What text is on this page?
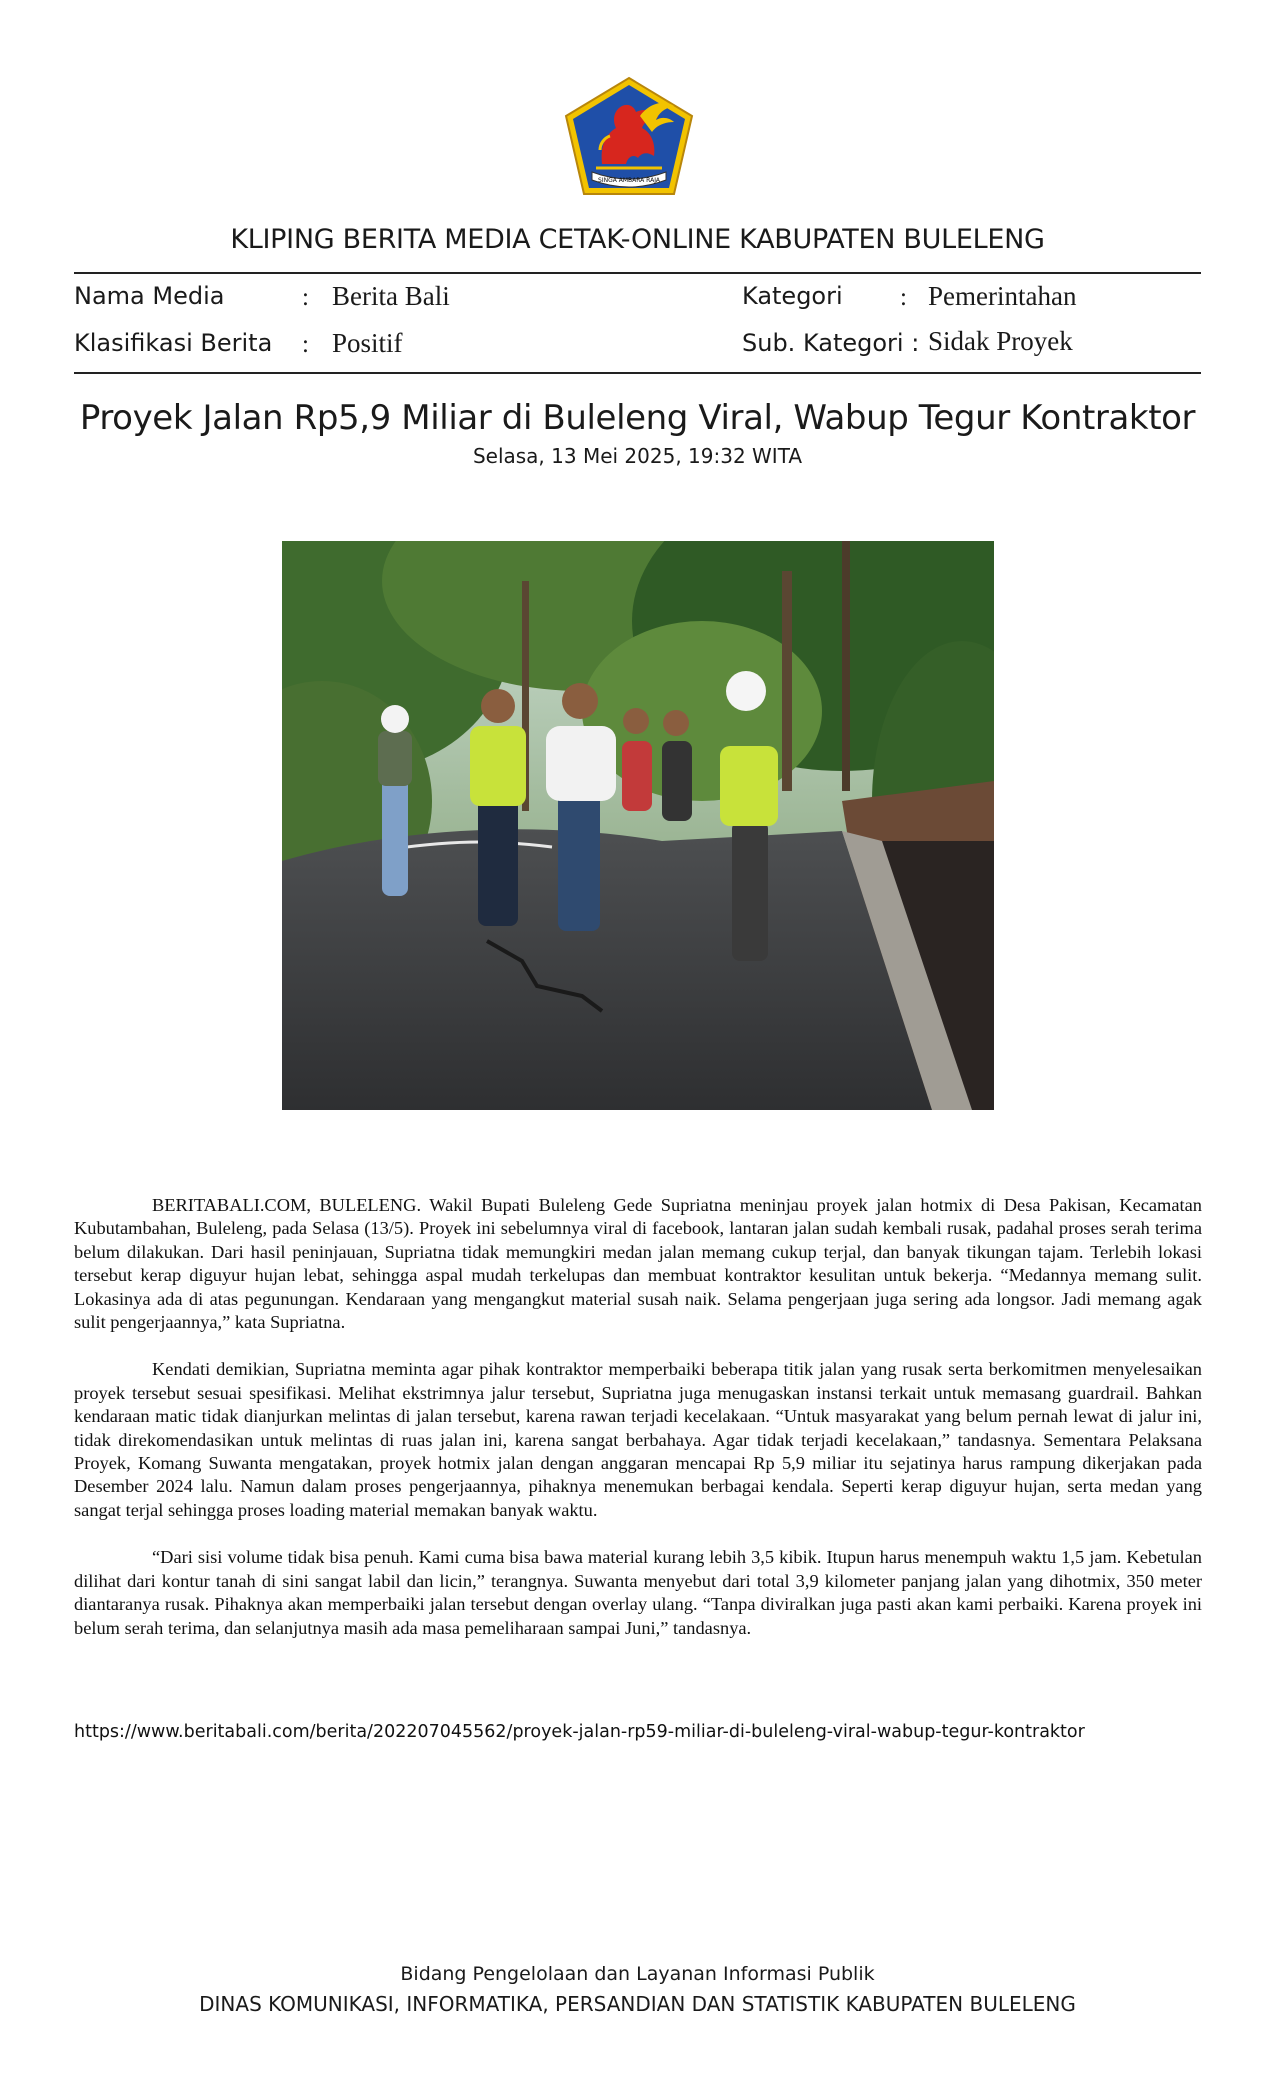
SINGA AMBARA RAJA
KLIPING BERITA MEDIA CETAK-ONLINE KABUPATEN BULELENG
Nama Media	: Berita Bali	Kategori : Pemerintahan
Klasifikasi Berita : Positif	Sub. Kategori : Sidak Proyek
Proyek Jalan Rp5,9 Miliar di Buleleng Viral, Wabup Tegur Kontraktor
Selasa, 13 Mei 2025, 19:32 WITA

BERITABALI.COM, BULELENG. Wakil Bupati Buleleng Gede Supriatna meninjau proyek jalan hotmix di Desa Pakisan, Kecamatan Kubutambahan, Buleleng, pada Selasa (13/5). Proyek ini sebelumnya viral di facebook, lantaran jalan sudah kembali rusak, padahal proses serah terima belum dilakukan. Dari hasil peninjauan, Supriatna tidak memungkiri medan jalan memang cukup terjal, dan banyak tikungan tajam. Terlebih lokasi tersebut kerap diguyur hujan lebat, sehingga aspal mudah terkelupas dan membuat kontraktor kesulitan untuk bekerja. “Medannya memang sulit. Lokasinya ada di atas pegunungan. Kendaraan yang mengangkut material susah naik. Selama pengerjaan juga sering ada longsor. Jadi memang agak sulit pengerjaannya,” kata Supriatna.

Kendati demikian, Supriatna meminta agar pihak kontraktor memperbaiki beberapa titik jalan yang rusak serta berkomitmen menyelesaikan proyek tersebut sesuai spesifikasi. Melihat ekstrimnya jalur tersebut, Supriatna juga menugaskan instansi terkait untuk memasang guardrail. Bahkan kendaraan matic tidak dianjurkan melintas di jalan tersebut, karena rawan terjadi kecelakaan. “Untuk masyarakat yang belum pernah lewat di jalur ini, tidak direkomendasikan untuk melintas di ruas jalan ini, karena sangat berbahaya. Agar tidak terjadi kecelakaan,” tandasnya. Sementara Pelaksana Proyek, Komang Suwanta mengatakan, proyek hotmix jalan dengan anggaran mencapai Rp 5,9 miliar itu sejatinya harus rampung dikerjakan pada Desember 2024 lalu. Namun dalam proses pengerjaannya, pihaknya menemukan berbagai kendala. Seperti kerap diguyur hujan, serta medan yang sangat terjal sehingga proses loading material memakan banyak waktu.

“Dari sisi volume tidak bisa penuh. Kami cuma bisa bawa material kurang lebih 3,5 kibik. Itupun harus menempuh waktu 1,5 jam. Kebetulan dilihat dari kontur tanah di sini sangat labil dan licin,” terangnya. Suwanta menyebut dari total 3,9 kilometer panjang jalan yang dihotmix, 350 meter diantaranya rusak. Pihaknya akan memperbaiki jalan tersebut dengan overlay ulang. “Tanpa diviralkan juga pasti akan kami perbaiki. Karena proyek ini belum serah terima, dan selanjutnya masih ada masa pemeliharaan sampai Juni,” tandasnya.

https://www.beritabali.com/berita/202207045562/proyek-jalan-rp59-miliar-di-buleleng-viral-wabup-tegur-kontraktor
Bidang Pengelolaan dan Layanan Informasi Publik
DINAS KOMUNIKASI, INFORMATIKA, PERSANDIAN DAN STATISTIK KABUPATEN BULELENG
